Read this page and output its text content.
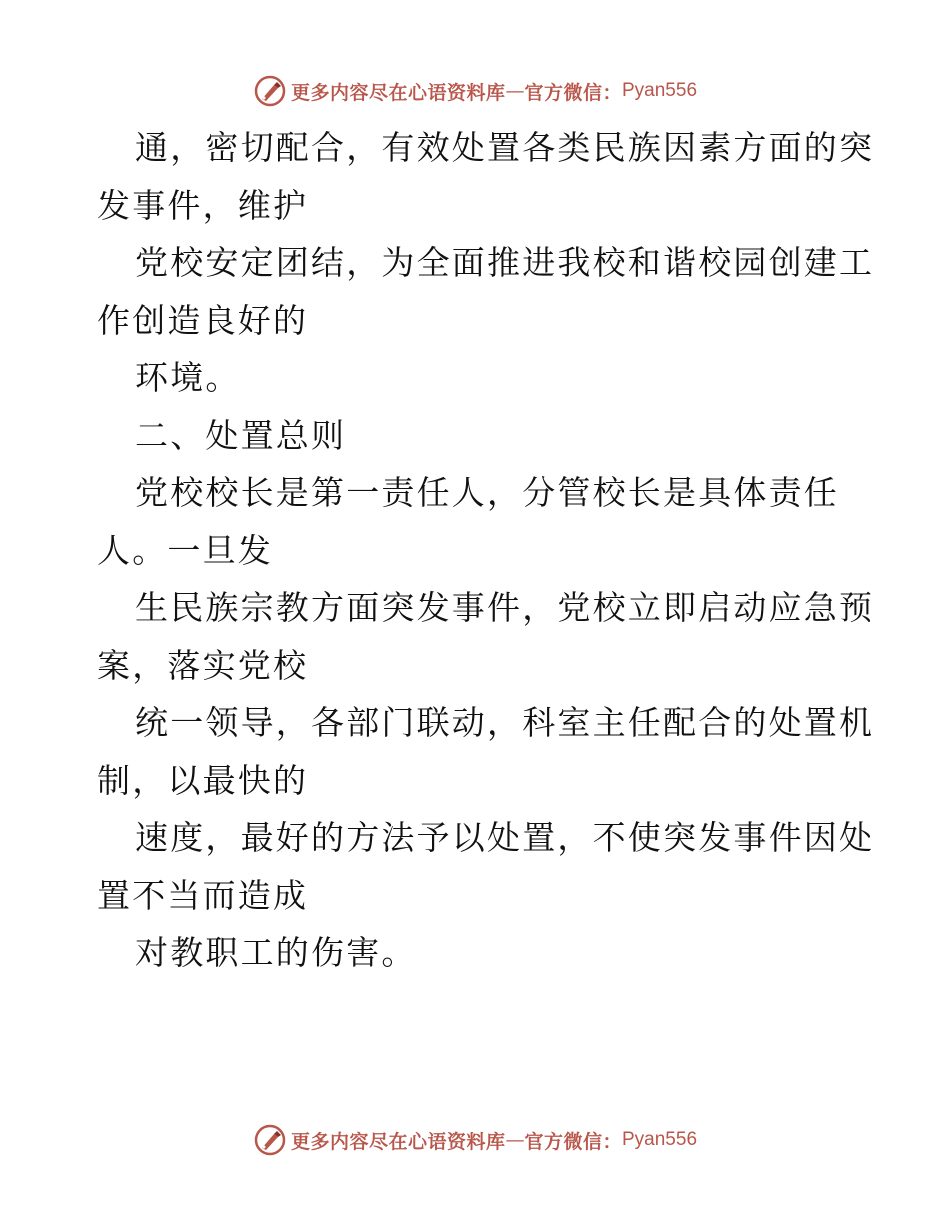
更多内容尽在心语资料库 — 官方微信： Pyan556
通，密切配合，有效处置各类民族因素方面的突
发事件，维护
党校安定团结，为全面推进我校和谐校园创建工
作创造良好的
环境。
二、处置总则
党校校长是第一责任人，分管校长是具体责任
人。一旦发
生民族宗教方面突发事件，党校立即启动应急预
案，落实党校
统一领导，各部门联动，科室主任配合的处置机
制，以最快的
速度，最好的方法予以处置，不使突发事件因处
置不当而造成
对教职工的伤害。
更多内容尽在心语资料库 — 官方微信： Pyan556
